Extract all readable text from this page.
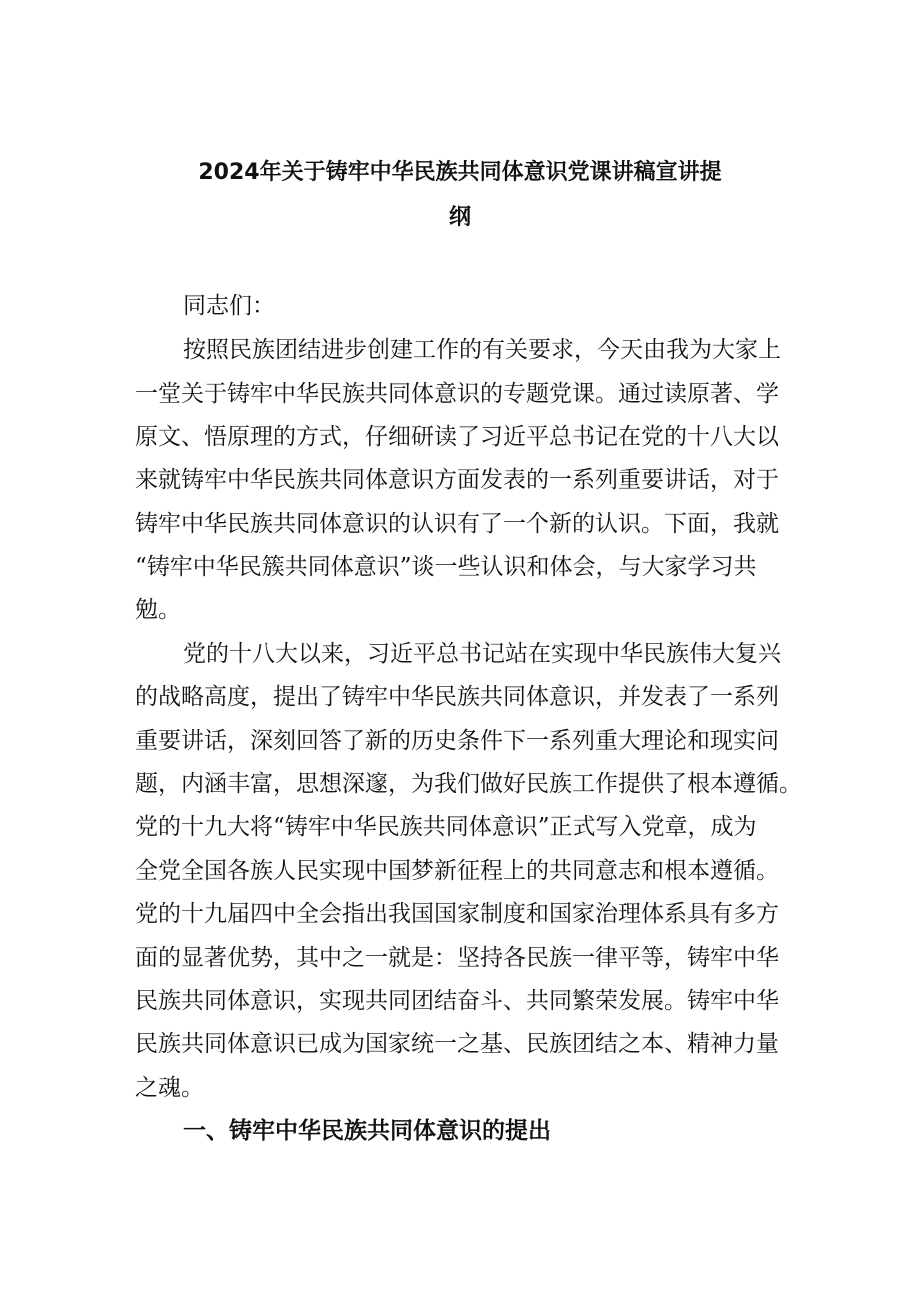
2024年关于铸牢中华民族共同体意识党课讲稿宣讲提
纲

同志们：

按照民族团结进步创建工作的有关要求，今天由我为大家上

一堂关于铸牢中华民族共同体意识的专题党课。通过读原著、学

原文、悟原理的方式，仔细研读了习近平总书记在党的十八大以

来就铸牢中华民族共同体意识方面发表的一系列重要讲话，对于

铸牢中华民族共同体意识的认识有了一个新的认识。下面，我就

“铸牢中华民簇共同体意识”谈一些认识和体会，与大家学习共

勉。

党的十八大以来，习近平总书记站在实现中华民族伟大复兴

的战略高度，提出了铸牢中华民族共同体意识，并发表了一系列

重要讲话，深刻回答了新的历史条件下一系列重大理论和现实问

题，内涵丰富，思想深邃，为我们做好民族工作提供了根本遵循。

党的十九大将“铸牢中华民族共同体意识”正式写入党章，成为

全党全国各族人民实现中国梦新征程上的共同意志和根本遵循。

党的十九届四中全会指出我国国家制度和国家治理体系具有多方

面的显著优势，其中之一就是：坚持各民族一律平等，铸牢中华

民族共同体意识，实现共同团结奋斗、共同繁荣发展。铸牢中华

民族共同体意识已成为国家统一之基、民族团结之本、精神力量

之魂。

一、铸牢中华民族共同体意识的提出
